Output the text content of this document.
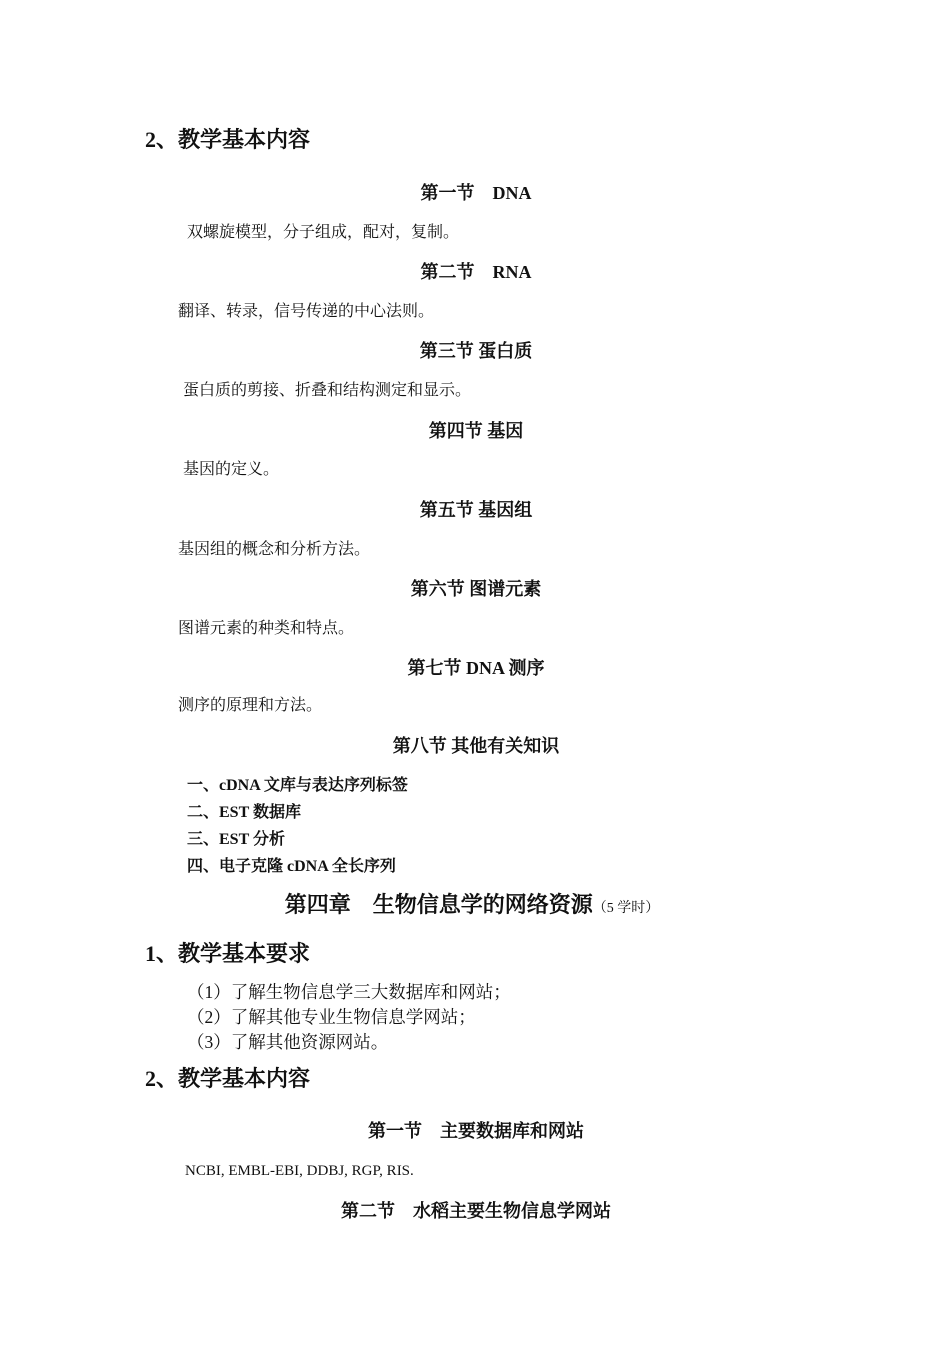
2、教学基本内容
第一节　DNA
双螺旋模型，分子组成，配对，复制。
第二节　RNA
翻译、转录，信号传递的中心法则。
第三节 蛋白质
蛋白质的剪接、折叠和结构测定和显示。
第四节 基因
基因的定义。
第五节 基因组
基因组的概念和分析方法。
第六节 图谱元素
图谱元素的种类和特点。
第七节 DNA 测序
测序的原理和方法。
第八节 其他有关知识
一、cDNA 文库与表达序列标签
二、EST 数据库
三、EST 分析
四、电子克隆 cDNA 全长序列
第四章　生物信息学的网络资源（5 学时）
1、教学基本要求
（1）了解生物信息学三大数据库和网站；
（2）了解其他专业生物信息学网站；
（3）了解其他资源网站。
2、教学基本内容
第一节　主要数据库和网站
NCBI, EMBL-EBI, DDBJ, RGP, RIS.
第二节　水稻主要生物信息学网站
